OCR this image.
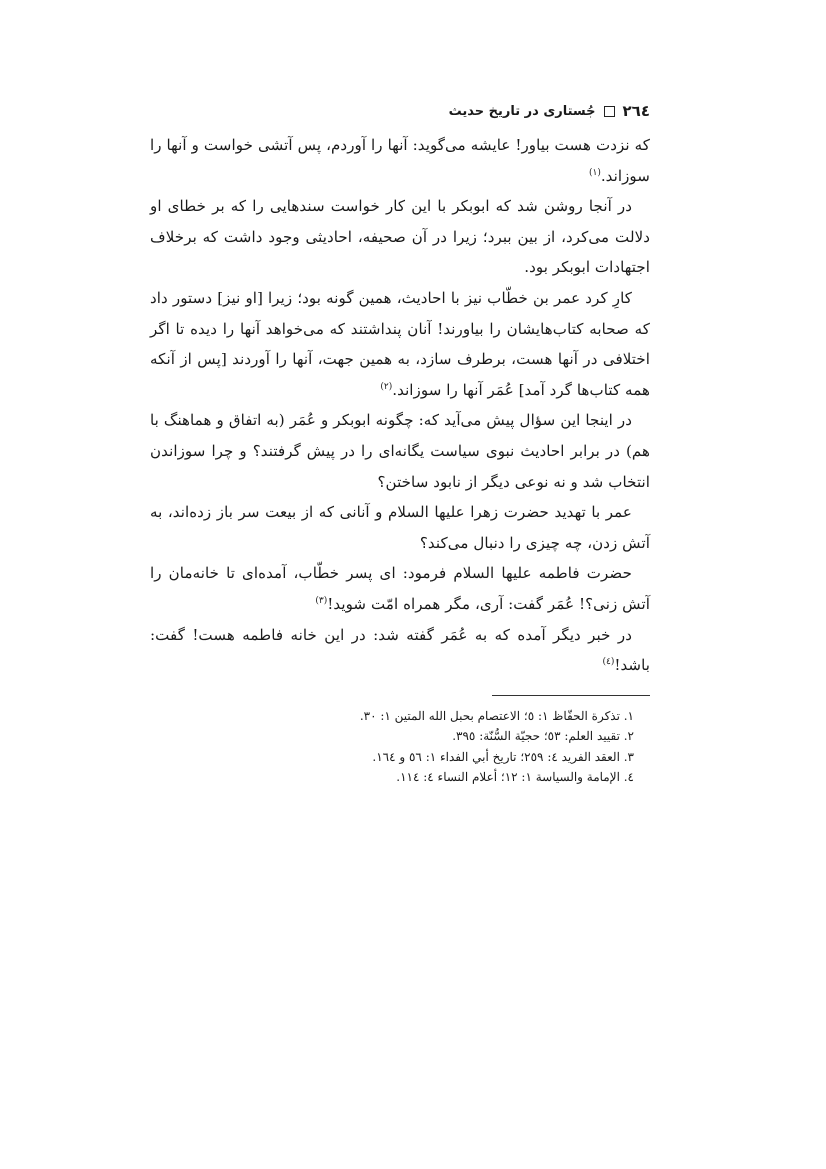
٢٦٤
جُستاری در تاریخ حدیث

که نزدت هست بیاور! عایشه می‌گوید: آنها را آوردم، پس آتشی خواست و آنها را سوزاند.$^{(١)}$

در آنجا روشن شد که ابوبکر با این کار خواست سندهایی را که بر خطای او دلالت می‌کرد، از بین ببرد؛ زیرا در آن صحیفه، احادیثی وجود داشت که برخلاف اجتهادات ابوبکر بود.

کارِ کرد عمر بن خطّاب نیز با احادیث، همین گونه بود؛ زیرا [او نیز] دستور داد که صحابه کتاب‌هایشان را بیاورند! آنان پنداشتند که می‌خواهد آنها را دیده تا اگر اختلافی در آنها هست، برطرف سازد، به همین جهت، آنها را آوردند [پس از آنکه همه کتاب‌ها گرد آمد] عُمَر آنها را سوزاند.$^{(٢)}$

در اینجا این سؤال پیش می‌آید که: چگونه ابوبکر و عُمَر (به اتفاق و هماهنگ با هم) در برابر احادیث نبوی سیاست یگانه‌ای را در پیش گرفتند؟ و چرا سوزاندن انتخاب شد و نه نوعی دیگر از نابود ساختن؟

عمر با تهدید حضرت زهرا علیها السلام و آنانی که از بیعت سر باز زده‌اند، به آتش زدن، چه چیزی را دنبال می‌کند؟

حضرت فاطمه علیها السلام فرمود: ای پسر خطّاب، آمده‌ای تا خانه‌مان را آتش زنی؟! عُمَر گفت: آری، مگر همراه امّت شوید!$^{(٣)}$

در خبر دیگر آمده که به عُمَر گفته شد: در این خانه فاطمه هست! گفت: باشد!$^{(٤)}$

١. تذكرة الحفّاظ ١: ٥؛ الاعتصام بحبل الله المتين ١: ٣٠.
٢. تقييد العلم: ٥٣؛ حجيّة السُّنّة: ٣٩٥.
٣. العقد الفريد ٤: ٢٥٩؛ تاريخ أبي الفداء ١: ٥٦ و ١٦٤.
٤. الإمامة والسياسة ١: ١٢؛ أعلام النساء ٤: ١١٤.
